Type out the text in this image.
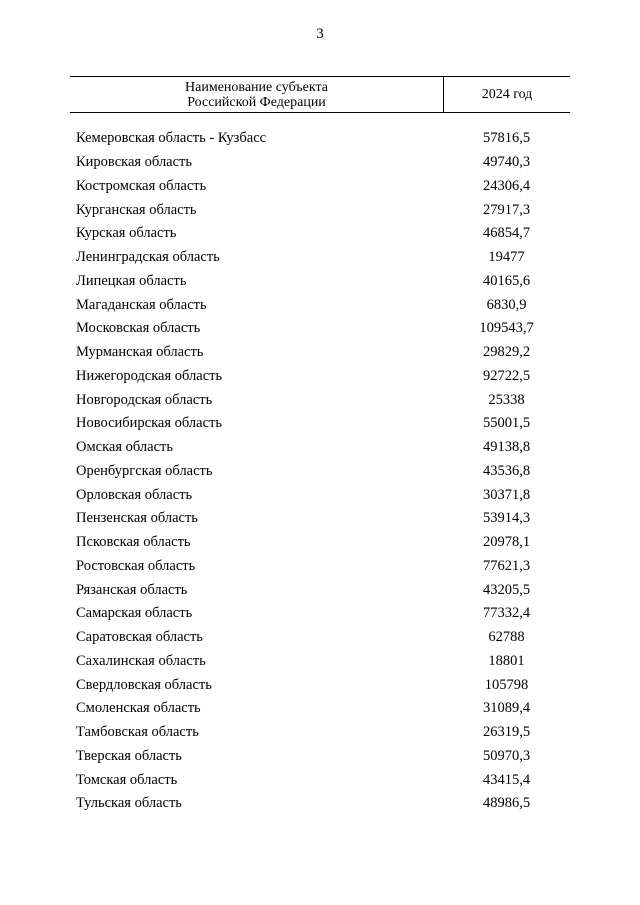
3
Наименование субъекта
Российской Федерации	2024 год
Кемеровская область - Кузбасс	57816,5
Кировская область	49740,3
Костромская область	24306,4
Курганская область	27917,3
Курская область	46854,7
Ленинградская область	19477
Липецкая область	40165,6
Магаданская область	6830,9
Московская область	109543,7
Мурманская область	29829,2
Нижегородская область	92722,5
Новгородская область	25338
Новосибирская область	55001,5
Омская область	49138,8
Оренбургская область	43536,8
Орловская область	30371,8
Пензенская область	53914,3
Псковская область	20978,1
Ростовская область	77621,3
Рязанская область	43205,5
Самарская область	77332,4
Саратовская область	62788
Сахалинская область	18801
Свердловская область	105798
Смоленская область	31089,4
Тамбовская область	26319,5
Тверская область	50970,3
Томская область	43415,4
Тульская область	48986,5
